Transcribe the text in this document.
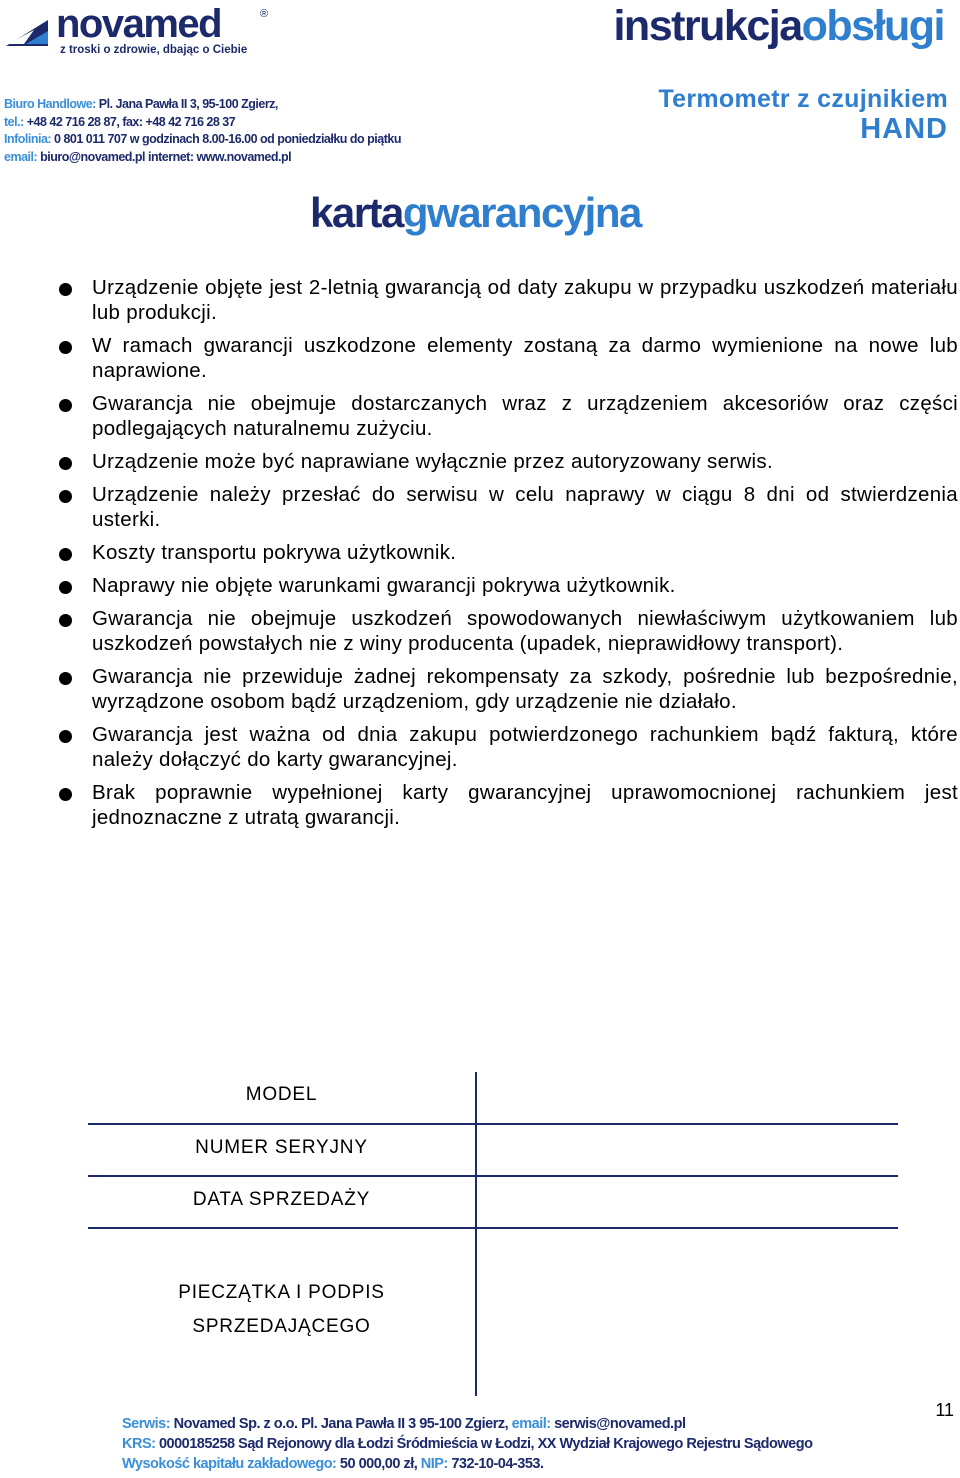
novamed	®
z troski o zdrowie, dbając o Ciebie
Biuro Handlowe: Pl. Jana Pawła II 3, 95-100 Zgierz,
tel.: +48 42 716 28 87, fax: +48 42 716 28 37
Infolinia: 0 801 011 707 w godzinach 8.00-16.00 od poniedziałku do piątku
email: biuro@novamed.pl internet: www.novamed.pl
instrukcjaobsługi
Termometr z czujnikiem
HAND
kartagwarancyjna
Urządzenie objęte jest 2-letnią gwarancją od daty zakupu w przypadku uszkodzeń materiału lub produkcji.
W ramach gwarancji uszkodzone elementy zostaną za darmo wymienione na nowe lub naprawione.
Gwarancja nie obejmuje dostarczanych wraz z urządzeniem akcesoriów oraz części podlegających naturalnemu zużyciu.
Urządzenie może być naprawiane wyłącznie przez autoryzowany serwis.
Urządzenie należy przesłać do serwisu w celu naprawy w ciągu 8 dni od stwierdzenia usterki.
Koszty transportu pokrywa użytkownik.
Naprawy nie objęte warunkami gwarancji pokrywa użytkownik.
Gwarancja nie obejmuje uszkodzeń spowodowanych niewłaściwym użytkowaniem lub uszkodzeń powstałych nie z winy producenta (upadek, nieprawidłowy transport).
Gwarancja nie przewiduje żadnej rekompensaty za szkody, pośrednie lub bezpośrednie, wyrządzone osobom bądź urządzeniom, gdy urządzenie nie działało.
Gwarancja jest ważna od dnia zakupu potwierdzonego rachunkiem bądź fakturą, które należy dołączyć do karty gwarancyjnej.
Brak poprawnie wypełnionej karty gwarancyjnej uprawomocnionej rachunkiem jest jednoznaczne z utratą gwarancji.
MODEL
NUMER SERYJNY
DATA SPRZEDAŻY
PIECZĄTKA I PODPIS
SPRZEDAJĄCEGO
11
Serwis: Novamed Sp. z o.o. Pl. Jana Pawła II 3 95-100 Zgierz, email: serwis@novamed.pl
KRS: 0000185258 Sąd Rejonowy dla Łodzi Śródmieścia w Łodzi, XX Wydział Krajowego Rejestru Sądowego
Wysokość kapitału zakładowego: 50 000,00 zł, NIP: 732-10-04-353.
